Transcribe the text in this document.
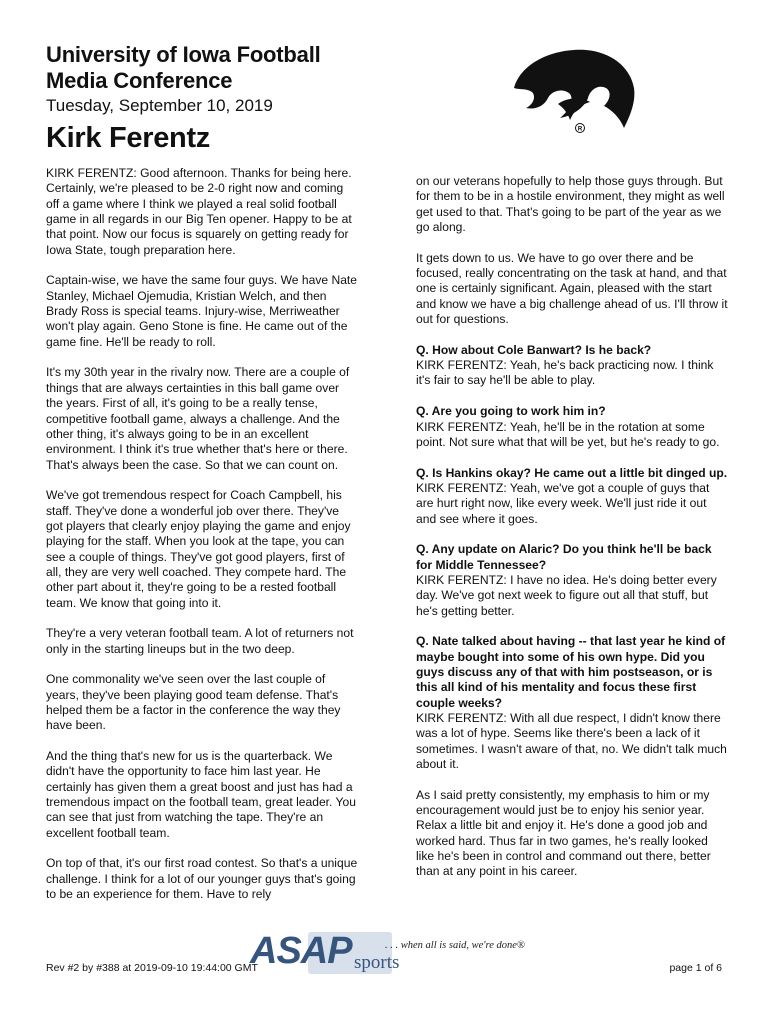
University of Iowa Football
Media Conference
Tuesday, September 10, 2019
Kirk Ferentz	R

KIRK FERENTZ: Good afternoon. Thanks for being here. Certainly, we're pleased to be 2-0 right now and coming off a game where I think we played a real solid football game in all regards in our Big Ten opener. Happy to be at that point. Now our focus is squarely on getting ready for Iowa State, tough preparation here.

Captain-wise, we have the same four guys. We have Nate Stanley, Michael Ojemudia, Kristian Welch, and then Brady Ross is special teams. Injury-wise, Merriweather won't play again. Geno Stone is fine. He came out of the game fine. He'll be ready to roll.

It's my 30th year in the rivalry now. There are a couple of things that are always certainties in this ball game over the years. First of all, it's going to be a really tense, competitive football game, always a challenge. And the other thing, it's always going to be in an excellent environment. I think it's true whether that's here or there. That's always been the case. So that we can count on.

We've got tremendous respect for Coach Campbell, his staff. They've done a wonderful job over there. They've got players that clearly enjoy playing the game and enjoy playing for the staff. When you look at the tape, you can see a couple of things. They've got good players, first of all, they are very well coached. They compete hard. The other part about it, they're going to be a rested football team. We know that going into it.

They're a very veteran football team. A lot of returners not only in the starting lineups but in the two deep.

One commonality we've seen over the last couple of years, they've been playing good team defense. That's helped them be a factor in the conference the way they have been.

And the thing that's new for us is the quarterback. We didn't have the opportunity to face him last year. He certainly has given them a great boost and just has had a tremendous impact on the football team, great leader. You can see that just from watching the tape. They're an excellent football team.

On top of that, it's our first road contest. So that's a unique challenge. I think for a lot of our younger guys that's going to be an experience for them. Have to rely

on our veterans hopefully to help those guys through. But for them to be in a hostile environment, they might as well get used to that. That's going to be part of the year as we go along.

It gets down to us. We have to go over there and be focused, really concentrating on the task at hand, and that one is certainly significant. Again, pleased with the start and know we have a big challenge ahead of us. I'll throw it out for questions.

Q. How about Cole Banwart? Is he back?
KIRK FERENTZ: Yeah, he's back practicing now. I think it's fair to say he'll be able to play.
Q. Are you going to work him in?
KIRK FERENTZ: Yeah, he'll be in the rotation at some point. Not sure what that will be yet, but he's ready to go.
Q. Is Hankins okay? He came out a little bit dinged up.
KIRK FERENTZ: Yeah, we've got a couple of guys that are hurt right now, like every week. We'll just ride it out and see where it goes.
Q. Any update on Alaric? Do you think he'll be back for Middle Tennessee?
KIRK FERENTZ: I have no idea. He's doing better every day. We've got next week to figure out all that stuff, but he's getting better.
Q. Nate talked about having -- that last year he kind of maybe bought into some of his own hype. Did you guys discuss any of that with him postseason, or is this all kind of his mentality and focus these first couple weeks?
KIRK FERENTZ: With all due respect, I didn't know there was a lot of hype. Seems like there's been a lack of it sometimes. I wasn't aware of that, no. We didn't talk much about it.

As I said pretty consistently, my emphasis to him or my encouragement would just be to enjoy his senior year. Relax a little bit and enjoy it. He's done a good job and worked hard. Thus far in two games, he's really looked like he's been in control and command out there, better than at any point in his career.

ASAP sports
. . . when all is said, we're done®
Rev #2 by #388 at 2019-09-10 19:44:00 GMT	page 1 of 6
